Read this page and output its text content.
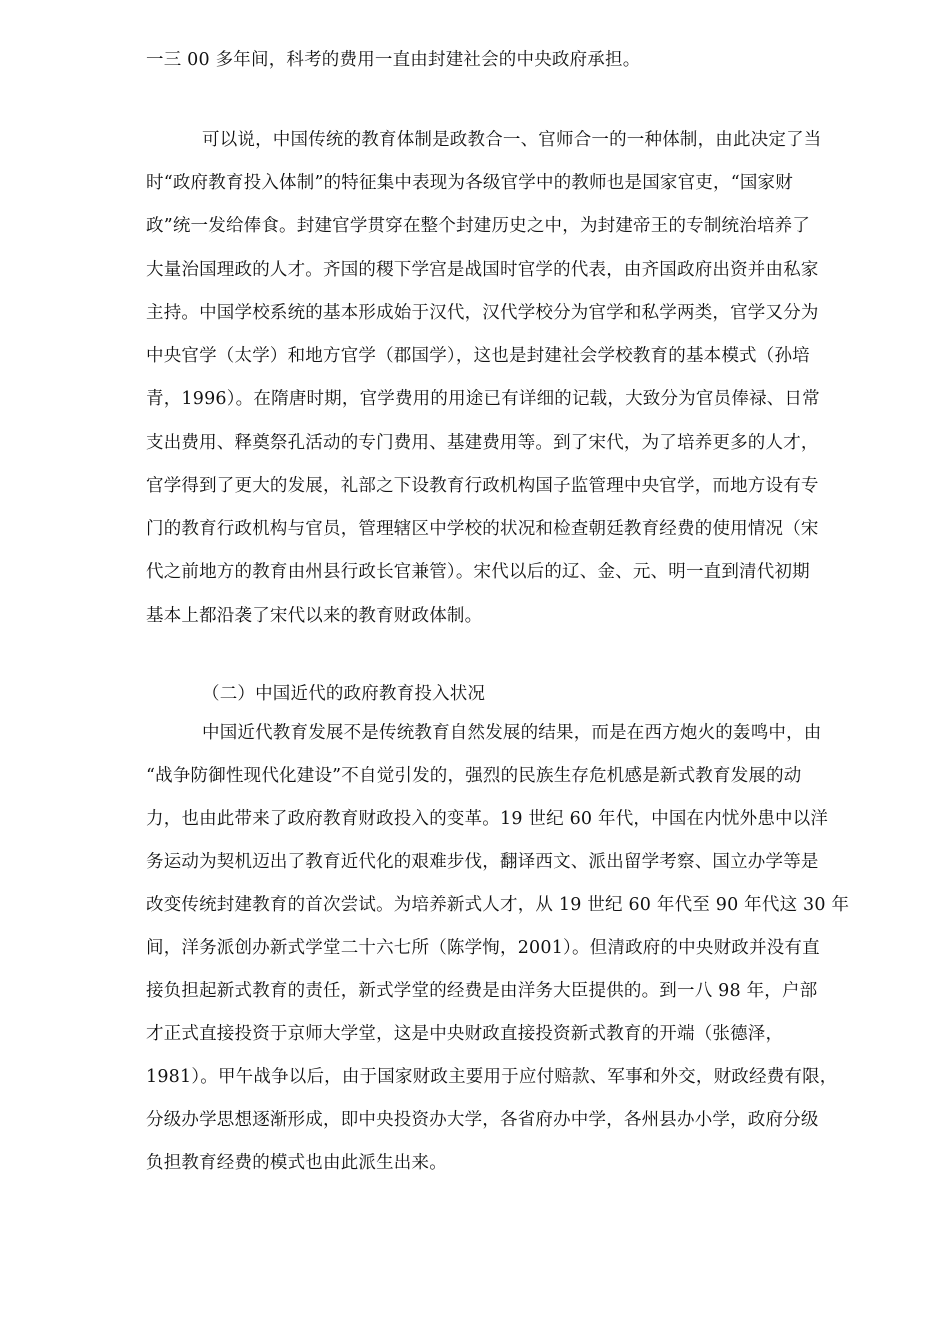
一三 00 多年间，科考的费用一直由封建社会的中央政府承担。
可以说，中国传统的教育体制是政教合一、官师合一的一种体制，由此决定了当
时“政府教育投入体制”的特征集中表现为各级官学中的教师也是国家官吏，“国家财
政”统一发给俸食。封建官学贯穿在整个封建历史之中，为封建帝王的专制统治培养了
大量治国理政的人才。齐国的稷下学宫是战国时官学的代表，由齐国政府出资并由私家
主持。中国学校系统的基本形成始于汉代，汉代学校分为官学和私学两类，官学又分为
中央官学（太学）和地方官学（郡国学），这也是封建社会学校教育的基本模式（孙培
青，1996）。在隋唐时期，官学费用的用途已有详细的记载，大致分为官员俸禄、日常
支出费用、释奠祭孔活动的专门费用、基建费用等。到了宋代，为了培养更多的人才，
官学得到了更大的发展，礼部之下设教育行政机构国子监管理中央官学，而地方设有专
门的教育行政机构与官员，管理辖区中学校的状况和检查朝廷教育经费的使用情况（宋
代之前地方的教育由州县行政长官兼管）。宋代以后的辽、金、元、明一直到清代初期
基本上都沿袭了宋代以来的教育财政体制。
（二）中国近代的政府教育投入状况
中国近代教育发展不是传统教育自然发展的结果，而是在西方炮火的轰鸣中，由
“战争防御性现代化建设”不自觉引发的，强烈的民族生存危机感是新式教育发展的动
力，也由此带来了政府教育财政投入的变革。19 世纪 60 年代，中国在内忧外患中以洋
务运动为契机迈出了教育近代化的艰难步伐，翻译西文、派出留学考察、国立办学等是
改变传统封建教育的首次尝试。为培养新式人才，从 19 世纪 60 年代至 90 年代这 30 年
间，洋务派创办新式学堂二十六七所（陈学恂，2001）。但清政府的中央财政并没有直
接负担起新式教育的责任，新式学堂的经费是由洋务大臣提供的。到一八 98 年，户部
才正式直接投资于京师大学堂，这是中央财政直接投资新式教育的开端（张德泽，
1981）。甲午战争以后，由于国家财政主要用于应付赔款、军事和外交，财政经费有限，
分级办学思想逐渐形成，即中央投资办大学，各省府办中学，各州县办小学，政府分级
负担教育经费的模式也由此派生出来。
